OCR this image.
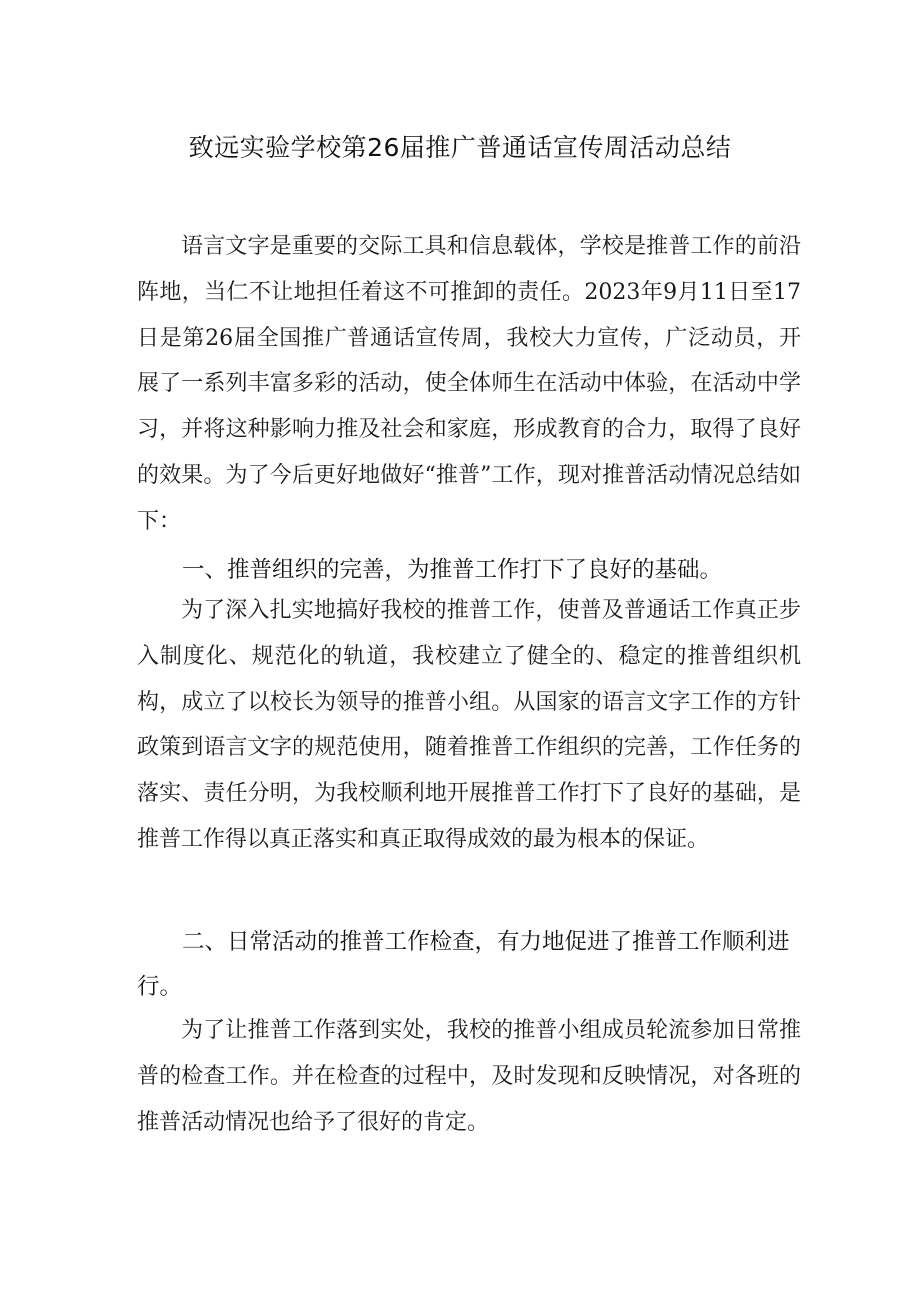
致远实验学校第26届推广普通话宣传周活动总结

语言文字是重要的交际工具和信息载体，学校是推普工作的前沿阵地，当仁不让地担任着这不可推卸的责任。2023年9月11日至17日是第26届全国推广普通话宣传周，我校大力宣传，广泛动员，开展了一系列丰富多彩的活动，使全体师生在活动中体验，在活动中学习，并将这种影响力推及社会和家庭，形成教育的合力，取得了良好的效果。为了今后更好地做好“推普”工作，现对推普活动情况总结如下：

一、推普组织的完善，为推普工作打下了良好的基础。

为了深入扎实地搞好我校的推普工作，使普及普通话工作真正步入制度化、规范化的轨道，我校建立了健全的、稳定的推普组织机构，成立了以校长为领导的推普小组。从国家的语言文字工作的方针政策到语言文字的规范使用，随着推普工作组织的完善，工作任务的落实、责任分明，为我校顺利地开展推普工作打下了良好的基础，是推普工作得以真正落实和真正取得成效的最为根本的保证。

二、日常活动的推普工作检查，有力地促进了推普工作顺利进行。

为了让推普工作落到实处，我校的推普小组成员轮流参加日常推普的检查工作。并在检查的过程中，及时发现和反映情况，对各班的推普活动情况也给予了很好的肯定。
